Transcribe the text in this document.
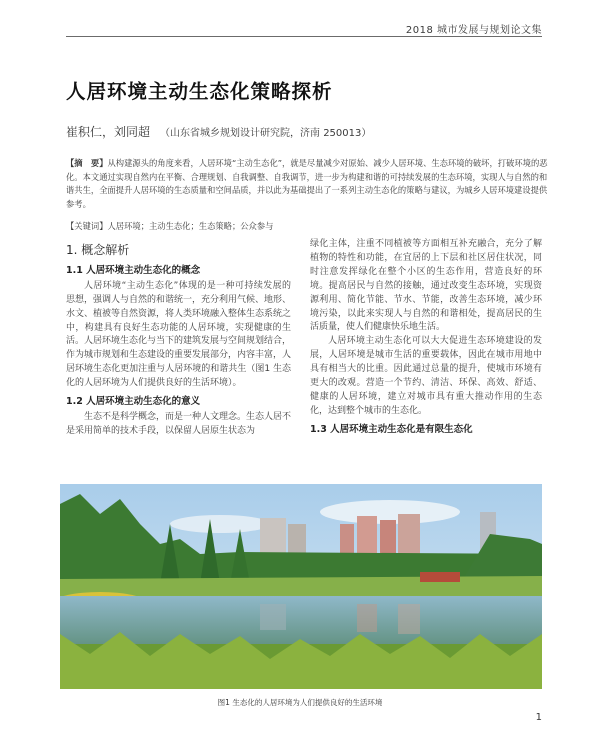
2018 城市发展与规划论文集
人居环境主动生态化策略探析
崔积仁，刘同超 （山东省城乡规划设计研究院，济南 250013）
【摘　要】从构建源头的角度来看，人居环境“主动生态化”，就是尽量减少对原始、减少人居环境、生态环境的破坏，打破环境的恶化。本文通过实现自然内在平衡、合理规划、自我调整、自我调节，进一步为构建和谐的可持续发展的生态环境，实现人与自然的和谐共生，全面提升人居环境的生态质量和空间品质，并以此为基础提出了一系列主动生态化的策略与建议，为城乡人居环境建设提供参考。
【关键词】人居环境；主动生态化；生态策略；公众参与
1. 概念解析
1.1 人居环境主动生态化的概念

人居环境“主动生态化”体现的是一种可持续发展的思想，强调人与自然的和谐统一，充分利用气候、地形、水文、植被等自然资源，将人类环境融入整体生态系统之中，构建具有良好生态功能的人居环境，实现健康的生活。人居环境生态化与当下的建筑发展与空间规划结合，作为城市规划和生态建设的重要发展部分，内容丰富，人居环境生态化更加注重与人居环境的和谐共生（图1 生态化的人居环境为人们提供良好的生活环境）。

1.2 人居环境主动生态化的意义

生态不是科学概念，而是一种人文理念。生态人居不是采用简单的技术手段，以保留人居原生状态为

绿化主体，注重不同植被等方面相互补充融合，充分了解植物的特性和功能，在宜居的上下层和社区居住状况，同时注意发挥绿化在整个小区的生态作用，营造良好的环境。提高居民与自然的接触，通过改变生态环境，实现资源利用、简化节能、节水、节能，改善生态环境，减少环境污染，以此来实现人与自然的和谐相处，提高居民的生活质量，使人们健康快乐地生活。

人居环境主动生态化可以大大促进生态环境建设的发展，人居环境是城市生活的重要载体，因此在城市用地中具有相当大的比重。因此通过总量的提升，使城市环境有更大的改观。营造一个节约、清洁、环保、高效、舒适、健康的人居环境，建立对城市具有重大推动作用的生态化，达到整个城市的生态化。

1.3 人居环境主动生态化是有限生态化
图1 生态化的人居环境为人们提供良好的生活环境
1
